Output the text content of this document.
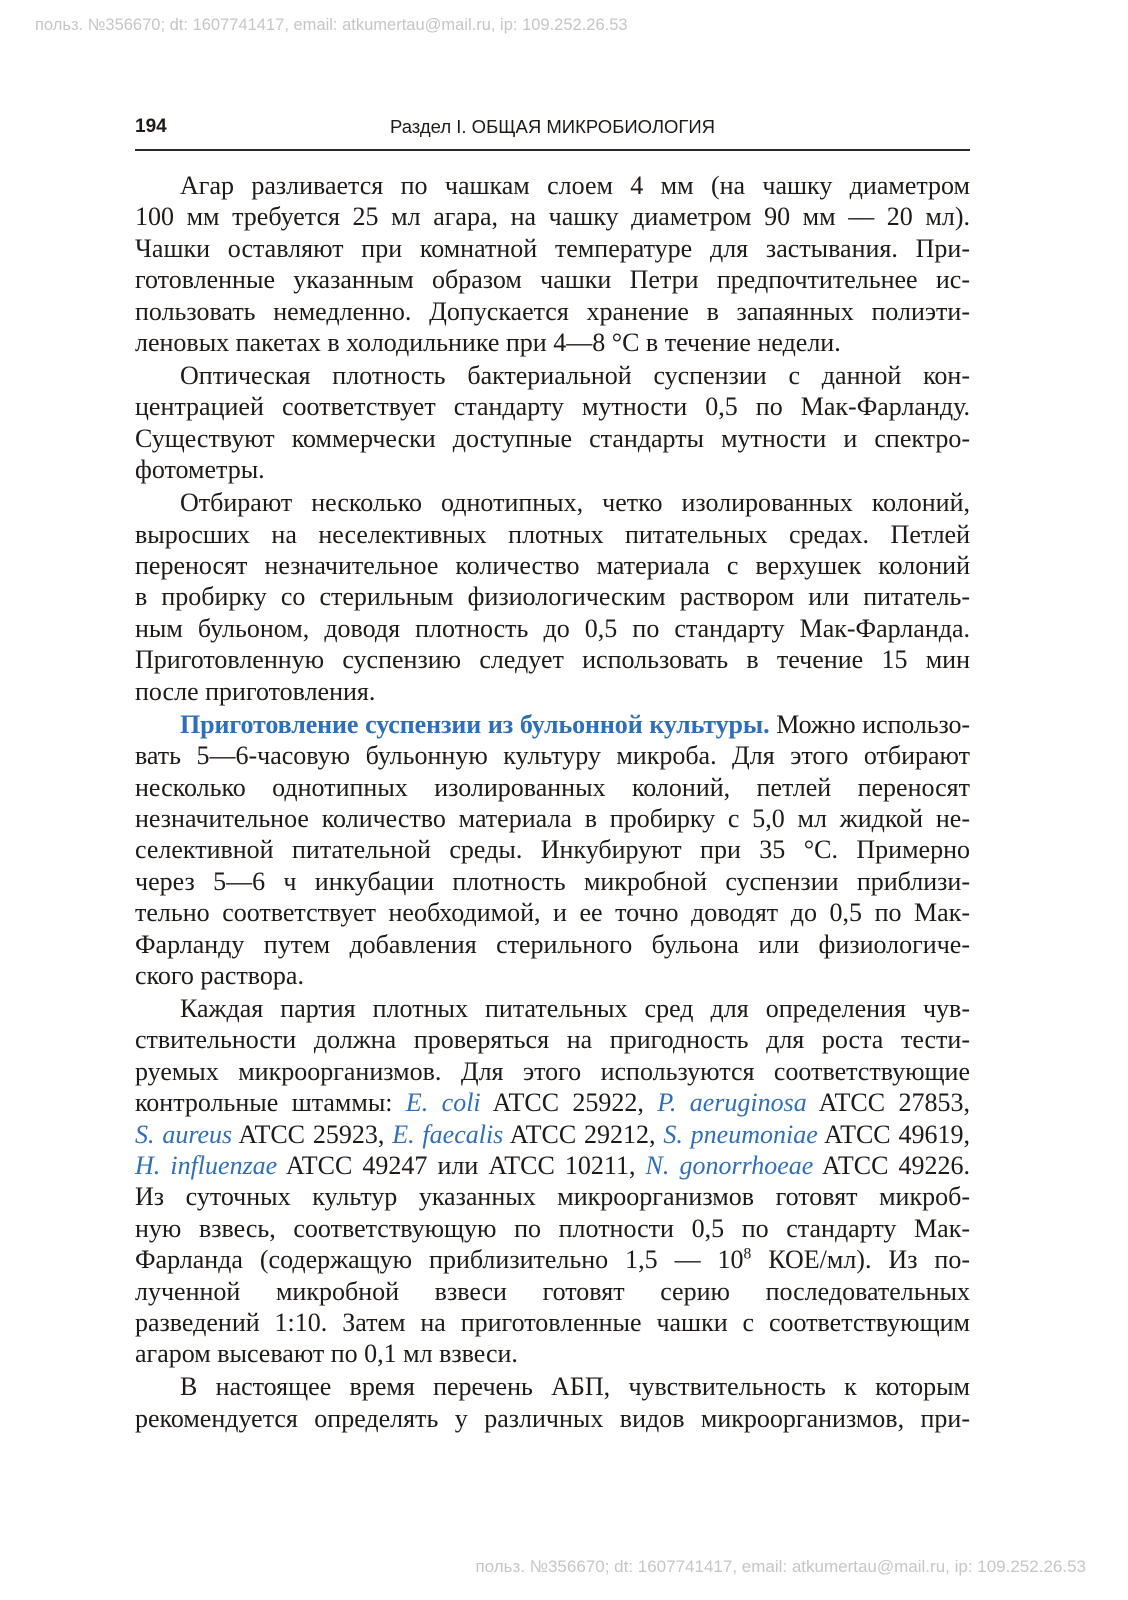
польз. №356670; dt: 1607741417, email: atkumertau@mail.ru, ip: 109.252.26.53
194	Раздел I. ОБЩАЯ МИКРОБИОЛОГИЯ
Агар разливается по чашкам слоем 4 мм (на чашку диаметром
100 мм требуется 25 мл агара, на чашку диаметром 90 мм — 20 мл).
Чашки оставляют при комнатной температуре для застывания. При-
готовленные указанным образом чашки Петри предпочтительнее ис-
пользовать немедленно. Допускается хранение в запаянных полиэти-
леновых пакетах в холодильнике при 4—8 °С в течение недели.
Оптическая плотность бактериальной суспензии с данной кон-
центрацией соответствует стандарту мутности 0,5 по Мак-Фарланду.
Существуют коммерчески доступные стандарты мутности и спектро-
фотометры.
Отбирают несколько однотипных, четко изолированных колоний,
выросших на неселективных плотных питательных средах. Петлей
переносят незначительное количество материала с верхушек колоний
в пробирку со стерильным физиологическим раствором или питатель-
ным бульоном, доводя плотность до 0,5 по стандарту Мак-Фарланда.
Приготовленную суспензию следует использовать в течение 15 мин
после приготовления.
Приготовление суспензии из бульонной культуры. Можно использо-
вать 5—6-часовую бульонную культуру микроба. Для этого отбирают
несколько однотипных изолированных колоний, петлей переносят
незначительное количество материала в пробирку с 5,0 мл жидкой не-
селективной питательной среды. Инкубируют при 35 °С. Примерно
через 5—6 ч инкубации плотность микробной суспензии приблизи-
тельно соответствует необходимой, и ее точно доводят до 0,5 по Мак-
Фарланду путем добавления стерильного бульона или физиологиче-
ского раствора.
Каждая партия плотных питательных сред для определения чув-
ствительности должна проверяться на пригодность для роста тести-
руемых микроорганизмов. Для этого используются соответствующие
контрольные штаммы: E. coli ATCC 25922, P. aeruginosa ATCC 27853,
S. aureus ATCC 25923, E. faecalis ATCC 29212, S. pneumoniae ATCC 49619,
H. influenzae ATCC 49247 или ATCC 10211, N. gonorrhoeae ATCC 49226.
Из суточных культур указанных микроорганизмов готовят микроб-
ную взвесь, соответствующую по плотности 0,5 по стандарту Мак-
Фарланда (содержащую приблизительно 1,5 — $10^8$ КОЕ/мл). Из по-
лученной микробной взвеси готовят серию последовательных
разведений 1:10. Затем на приготовленные чашки с соответствующим
агаром высевают по 0,1 мл взвеси.
В настоящее время перечень АБП, чувствительность к которым
рекомендуется определять у различных видов микроорганизмов, при-
польз. №356670; dt: 1607741417, email: atkumertau@mail.ru, ip: 109.252.26.53
